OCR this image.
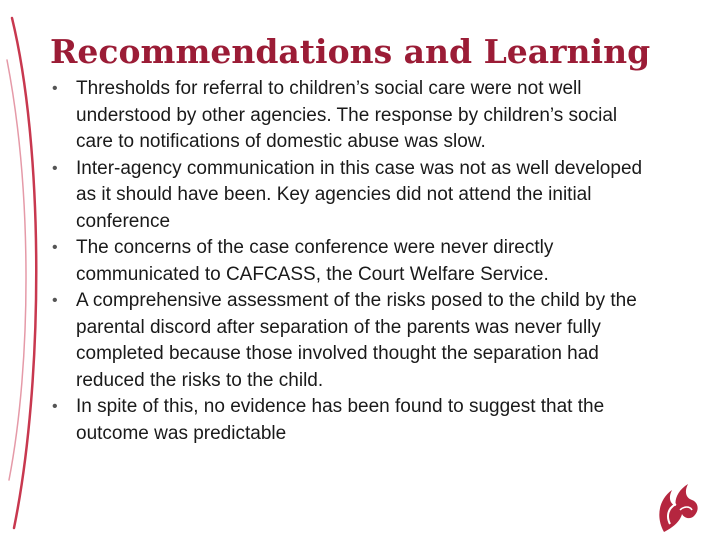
Recommendations and Learning
• Thresholds for referral to children’s social care were not well understood by other agencies. The response by children’s social care to notifications of domestic abuse was slow.
• Inter-agency communication in this case was not as well developed as it should have been. Key agencies did not attend the initial conference
• The concerns of the case conference were never directly communicated to CAFCASS, the Court Welfare Service.
• A comprehensive assessment of the risks posed to the child by the parental discord after separation of the parents was never fully completed because those involved thought the separation had reduced the risks to the child.
• In spite of this, no evidence has been found to suggest that the outcome was predictable
